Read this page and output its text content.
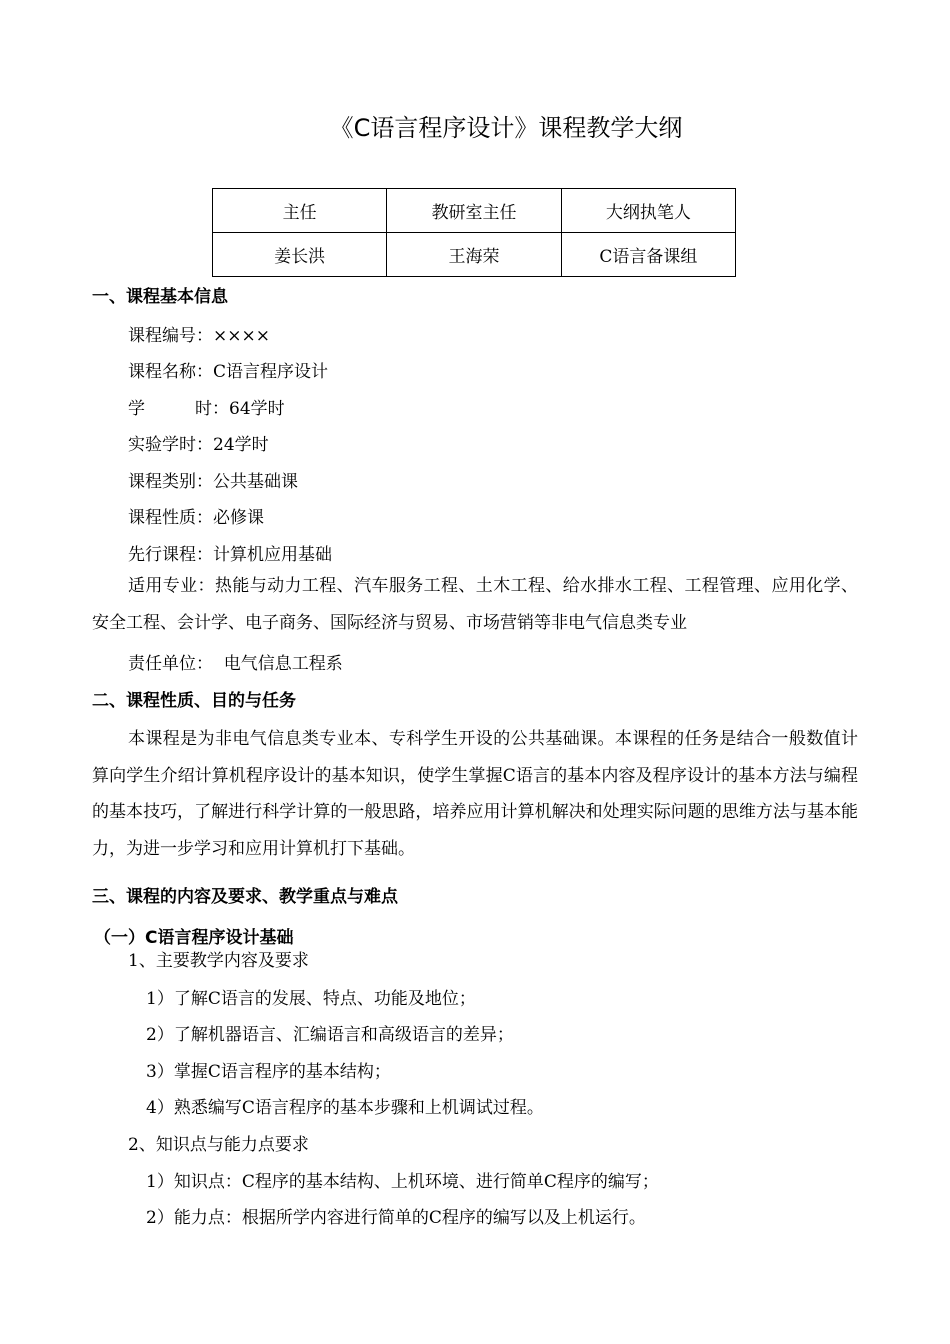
《C语言程序设计》课程教学大纲
主任	教研室主任	大纲执笔人
姜长洪	王海荣	C语言备课组
一、课程基本信息
课程编号：××××
课程名称：C语言程序设计
学	时：64学时
实验学时：24学时
课程类别：公共基础课
课程性质：必修课
先行课程：计算机应用基础
适用专业：热能与动力工程、汽车服务工程、土木工程、给水排水工程、工程管理、应用化学、安全工程、会计学、电子商务、国际经济与贸易、市场营销等非电气信息类专业
责任单位：  电气信息工程系
二、课程性质、目的与任务
本课程是为非电气信息类专业本、专科学生开设的公共基础课。本课程的任务是结合一般数值计算向学生介绍计算机程序设计的基本知识，使学生掌握C语言的基本内容及程序设计的基本方法与编程的基本技巧，了解进行科学计算的一般思路，培养应用计算机解决和处理实际问题的思维方法与基本能力，为进一步学习和应用计算机打下基础。
三、课程的内容及要求、教学重点与难点
（一）C语言程序设计基础
1、主要教学内容及要求
1）了解C语言的发展、特点、功能及地位；
2）了解机器语言、汇编语言和高级语言的差异；
3）掌握C语言程序的基本结构；
4）熟悉编写C语言程序的基本步骤和上机调试过程。
2、知识点与能力点要求
1）知识点：C程序的基本结构、上机环境、进行简单C程序的编写；
2）能力点：根据所学内容进行简单的C程序的编写以及上机运行。
